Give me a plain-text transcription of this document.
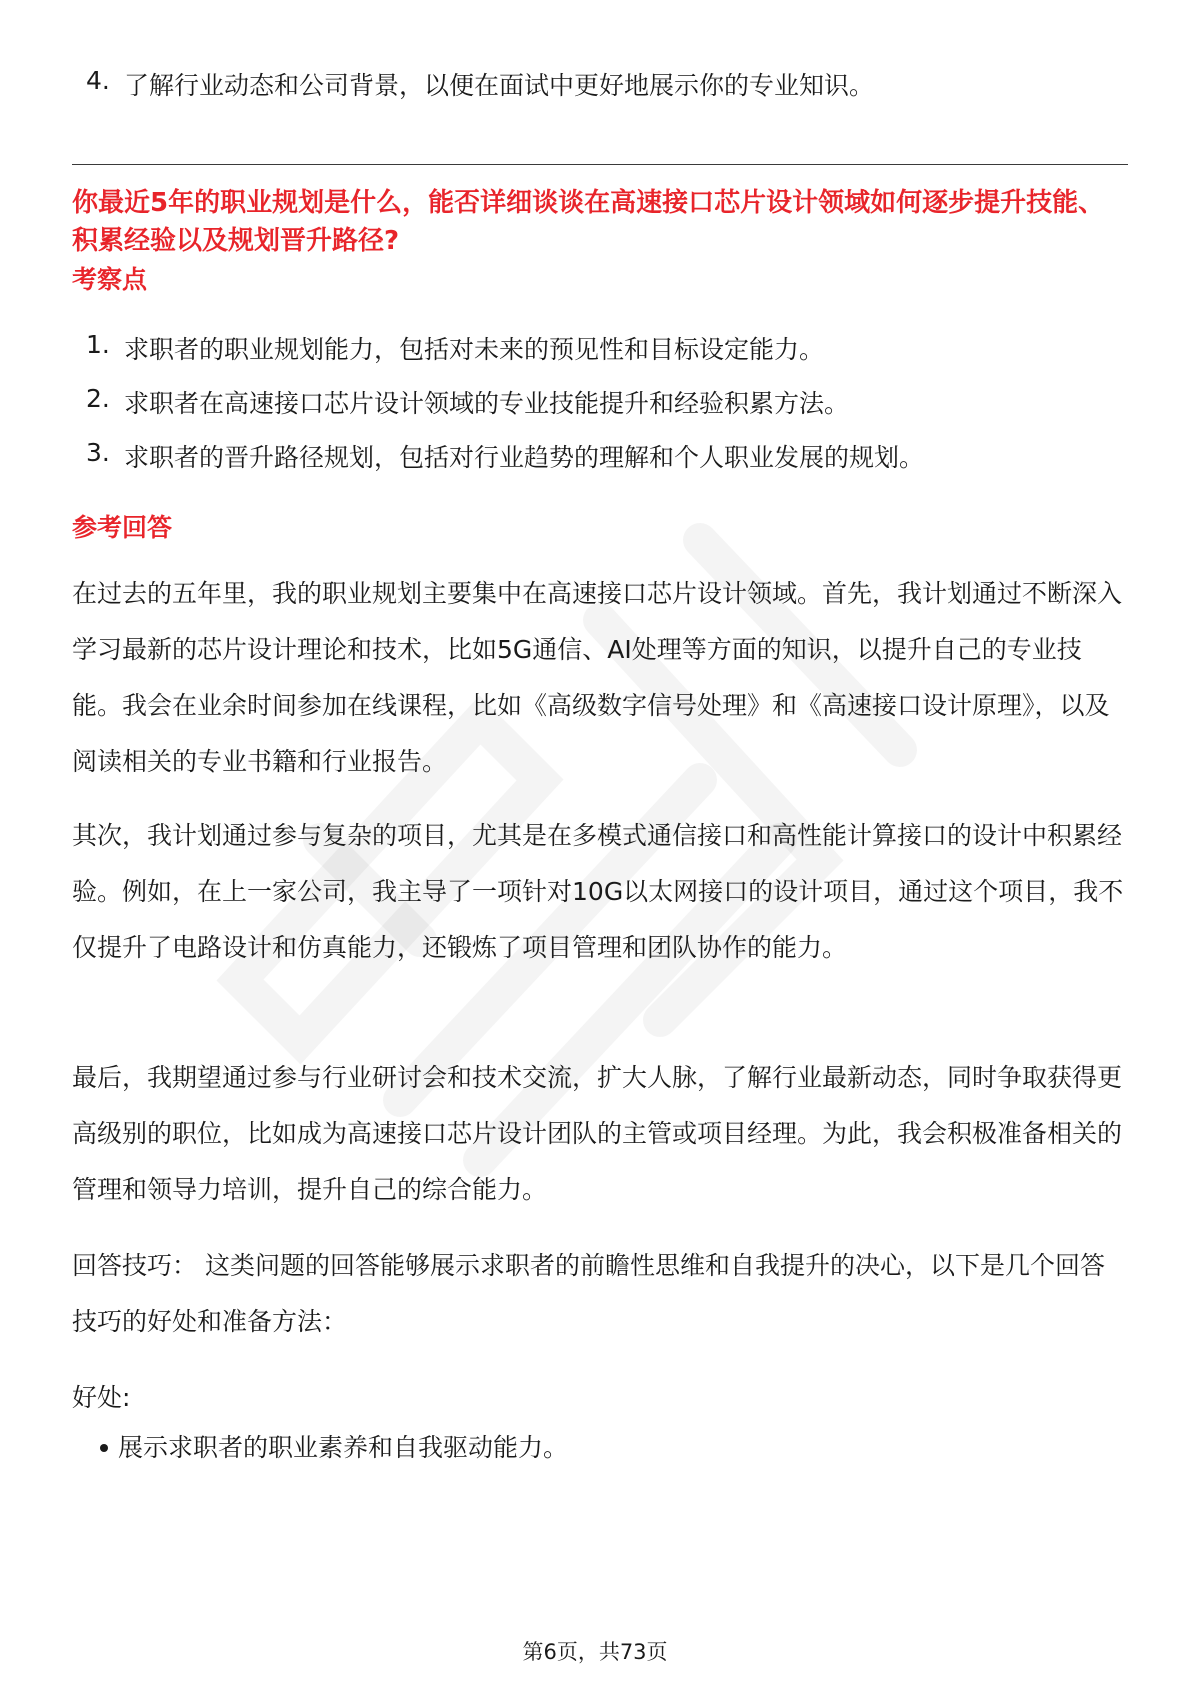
4. 了解行业动态和公司背景，以便在面试中更好地展示你的专业知识。
你最近5年的职业规划是什么，能否详细谈谈在高速接口芯片设计领域如何逐步提升技能、积累经验以及规划晋升路径?
考察点
1. 求职者的职业规划能力，包括对未来的预见性和目标设定能力。
2. 求职者在高速接口芯片设计领域的专业技能提升和经验积累方法。
3. 求职者的晋升路径规划，包括对行业趋势的理解和个人职业发展的规划。
参考回答
在过去的五年里，我的职业规划主要集中在高速接口芯片设计领域。首先，我计划通过不断深入学习最新的芯片设计理论和技术，比如5G通信、AI处理等方面的知识，以提升自己的专业技能。我会在业余时间参加在线课程，比如《高级数字信号处理》和《高速接口设计原理》，以及阅读相关的专业书籍和行业报告。
其次，我计划通过参与复杂的项目，尤其是在多模式通信接口和高性能计算接口的设计中积累经验。例如，在上一家公司，我主导了一项针对10G以太网接口的设计项目，通过这个项目，我不仅提升了电路设计和仿真能力，还锻炼了项目管理和团队协作的能力。
最后，我期望通过参与行业研讨会和技术交流，扩大人脉，了解行业最新动态，同时争取获得更高级别的职位，比如成为高速接口芯片设计团队的主管或项目经理。为此，我会积极准备相关的管理和领导力培训，提升自己的综合能力。
回答技巧： 这类问题的回答能够展示求职者的前瞻性思维和自我提升的决心，以下是几个回答技巧的好处和准备方法：
好处:
展示求职者的职业素养和自我驱动能力。
第6页，共73页
